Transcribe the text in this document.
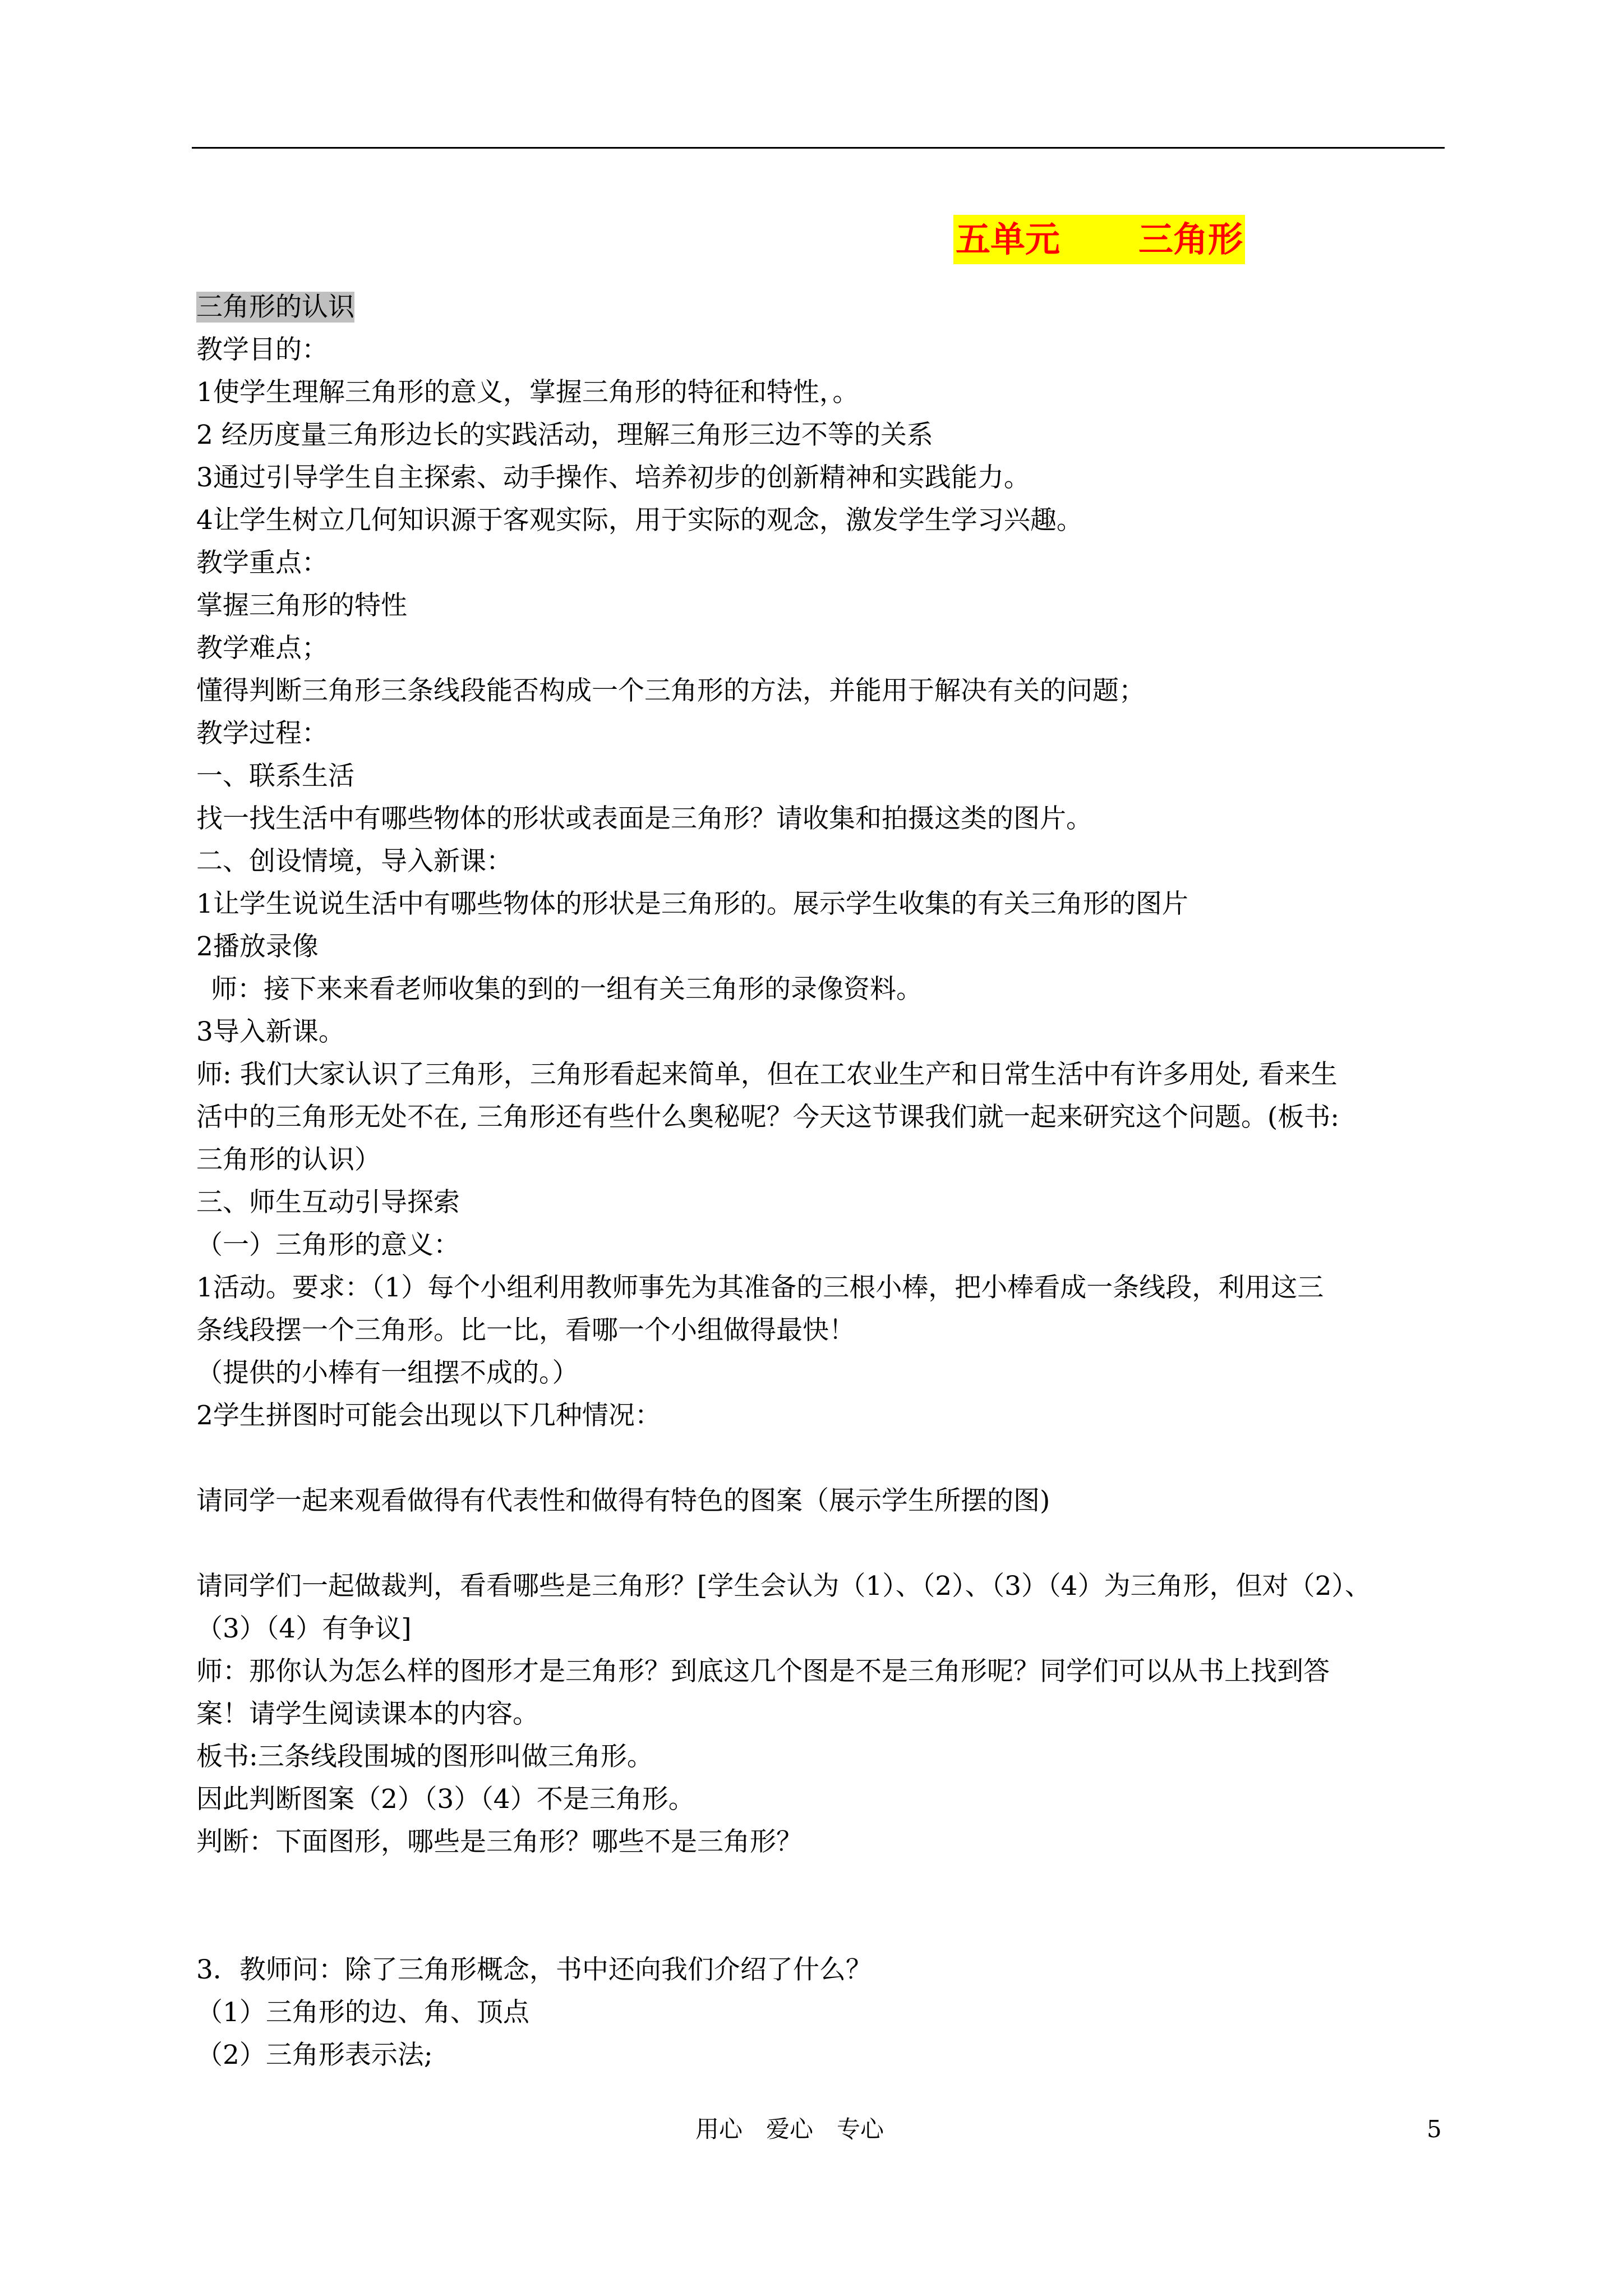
五单元 三角形
三角形的认识
教学目的：
1使学生理解三角形的意义，掌握三角形的特征和特性，。
2 经历度量三角形边长的实践活动，理解三角形三边不等的关系
3通过引导学生自主探索、动手操作、培养初步的创新精神和实践能力。
4让学生树立几何知识源于客观实际，用于实际的观念，激发学生学习兴趣。
教学重点：
掌握三角形的特性
教学难点；
懂得判断三角形三条线段能否构成一个三角形的方法，并能用于解决有关的问题；
教学过程：
一、联系生活
找一找生活中有哪些物体的形状或表面是三角形？请收集和拍摄这类的图片。
二、创设情境，导入新课：
1让学生说说生活中有哪些物体的形状是三角形的。展示学生收集的有关三角形的图片
2播放录像
师：接下来来看老师收集的到的一组有关三角形的录像资料。
3导入新课。
师: 我们大家认识了三角形，三角形看起来简单，但在工农业生产和日常生活中有许多用处, 看来生
活中的三角形无处不在, 三角形还有些什么奥秘呢？今天这节课我们就一起来研究这个问题。(板书:
三角形的认识）
三、师生互动引导探索
（一）三角形的意义：
1活动。要求：（1）每个小组利用教师事先为其准备的三根小棒，把小棒看成一条线段，利用这三
条线段摆一个三角形。比一比，看哪一个小组做得最快！
（提供的小棒有一组摆不成的。）
2学生拼图时可能会出现以下几种情况：
请同学一起来观看做得有代表性和做得有特色的图案（展示学生所摆的图)
请同学们一起做裁判，看看哪些是三角形？[学生会认为（1）、（2）、（3）（4）为三角形，但对（2）、
（3）（4）有争议]
师：那你认为怎么样的图形才是三角形？到底这几个图是不是三角形呢？同学们可以从书上找到答
案！请学生阅读课本的内容。
板书:三条线段围城的图形叫做三角形。
因此判断图案（2）（3）（4）不是三角形。
判断：下面图形，哪些是三角形？哪些不是三角形？
3．教师问：除了三角形概念，书中还向我们介绍了什么？
（1）三角形的边、角、顶点
（2）三角形表示法;
用心　爱心　专心	5
